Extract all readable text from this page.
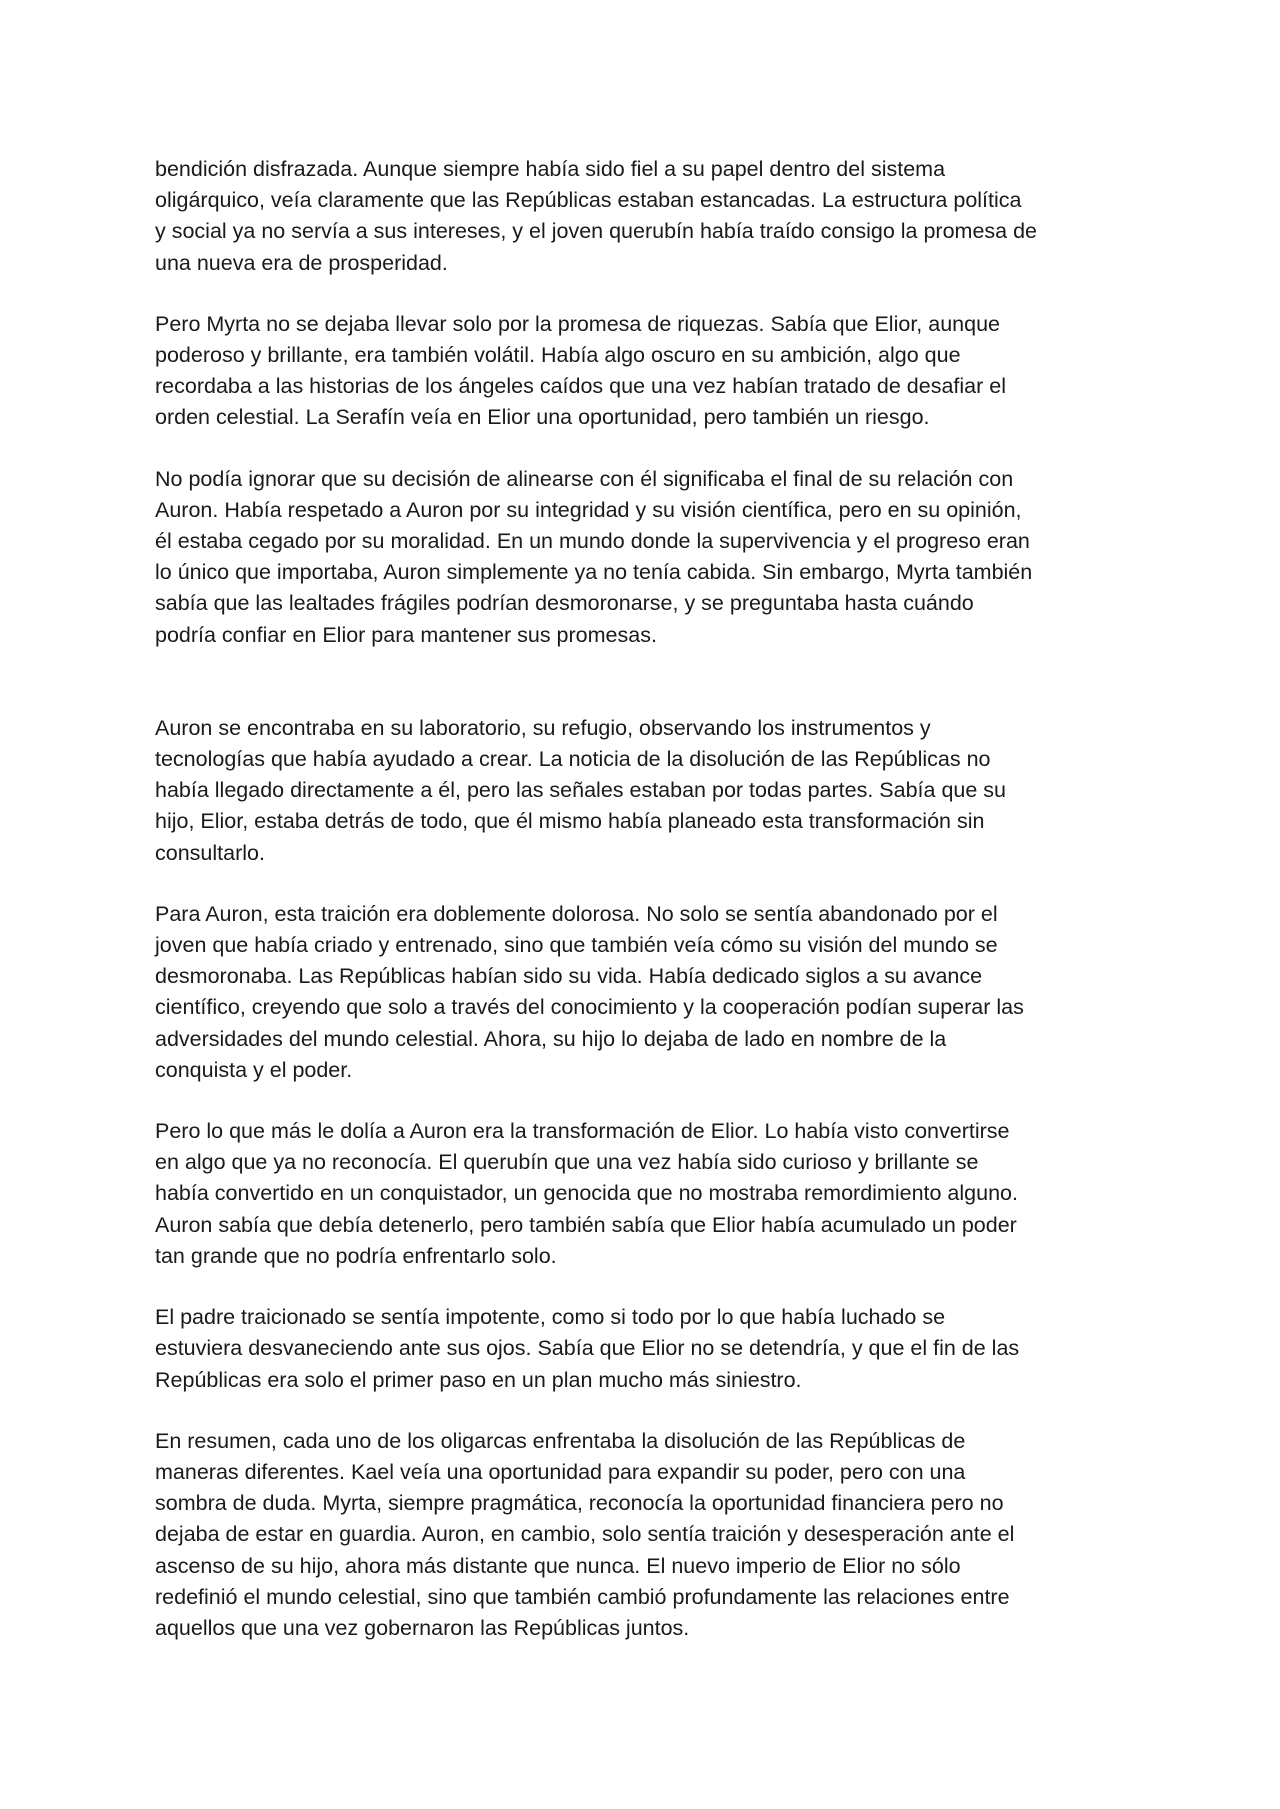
bendición disfrazada. Aunque siempre había sido fiel a su papel dentro del sistema
oligárquico, veía claramente que las Repúblicas estaban estancadas. La estructura política
y social ya no servía a sus intereses, y el joven querubín había traído consigo la promesa de
una nueva era de prosperidad.

Pero Myrta no se dejaba llevar solo por la promesa de riquezas. Sabía que Elior, aunque
poderoso y brillante, era también volátil. Había algo oscuro en su ambición, algo que
recordaba a las historias de los ángeles caídos que una vez habían tratado de desafiar el
orden celestial. La Serafín veía en Elior una oportunidad, pero también un riesgo.

No podía ignorar que su decisión de alinearse con él significaba el final de su relación con
Auron. Había respetado a Auron por su integridad y su visión científica, pero en su opinión,
él estaba cegado por su moralidad. En un mundo donde la supervivencia y el progreso eran
lo único que importaba, Auron simplemente ya no tenía cabida. Sin embargo, Myrta también
sabía que las lealtades frágiles podrían desmoronarse, y se preguntaba hasta cuándo
podría confiar en Elior para mantener sus promesas.

Auron se encontraba en su laboratorio, su refugio, observando los instrumentos y
tecnologías que había ayudado a crear. La noticia de la disolución de las Repúblicas no
había llegado directamente a él, pero las señales estaban por todas partes. Sabía que su
hijo, Elior, estaba detrás de todo, que él mismo había planeado esta transformación sin
consultarlo.

Para Auron, esta traición era doblemente dolorosa. No solo se sentía abandonado por el
joven que había criado y entrenado, sino que también veía cómo su visión del mundo se
desmoronaba. Las Repúblicas habían sido su vida. Había dedicado siglos a su avance
científico, creyendo que solo a través del conocimiento y la cooperación podían superar las
adversidades del mundo celestial. Ahora, su hijo lo dejaba de lado en nombre de la
conquista y el poder.

Pero lo que más le dolía a Auron era la transformación de Elior. Lo había visto convertirse
en algo que ya no reconocía. El querubín que una vez había sido curioso y brillante se
había convertido en un conquistador, un genocida que no mostraba remordimiento alguno.
Auron sabía que debía detenerlo, pero también sabía que Elior había acumulado un poder
tan grande que no podría enfrentarlo solo.

El padre traicionado se sentía impotente, como si todo por lo que había luchado se
estuviera desvaneciendo ante sus ojos. Sabía que Elior no se detendría, y que el fin de las
Repúblicas era solo el primer paso en un plan mucho más siniestro.

En resumen, cada uno de los oligarcas enfrentaba la disolución de las Repúblicas de
maneras diferentes. Kael veía una oportunidad para expandir su poder, pero con una
sombra de duda. Myrta, siempre pragmática, reconocía la oportunidad financiera pero no
dejaba de estar en guardia. Auron, en cambio, solo sentía traición y desesperación ante el
ascenso de su hijo, ahora más distante que nunca. El nuevo imperio de Elior no sólo
redefinió el mundo celestial, sino que también cambió profundamente las relaciones entre
aquellos que una vez gobernaron las Repúblicas juntos.
